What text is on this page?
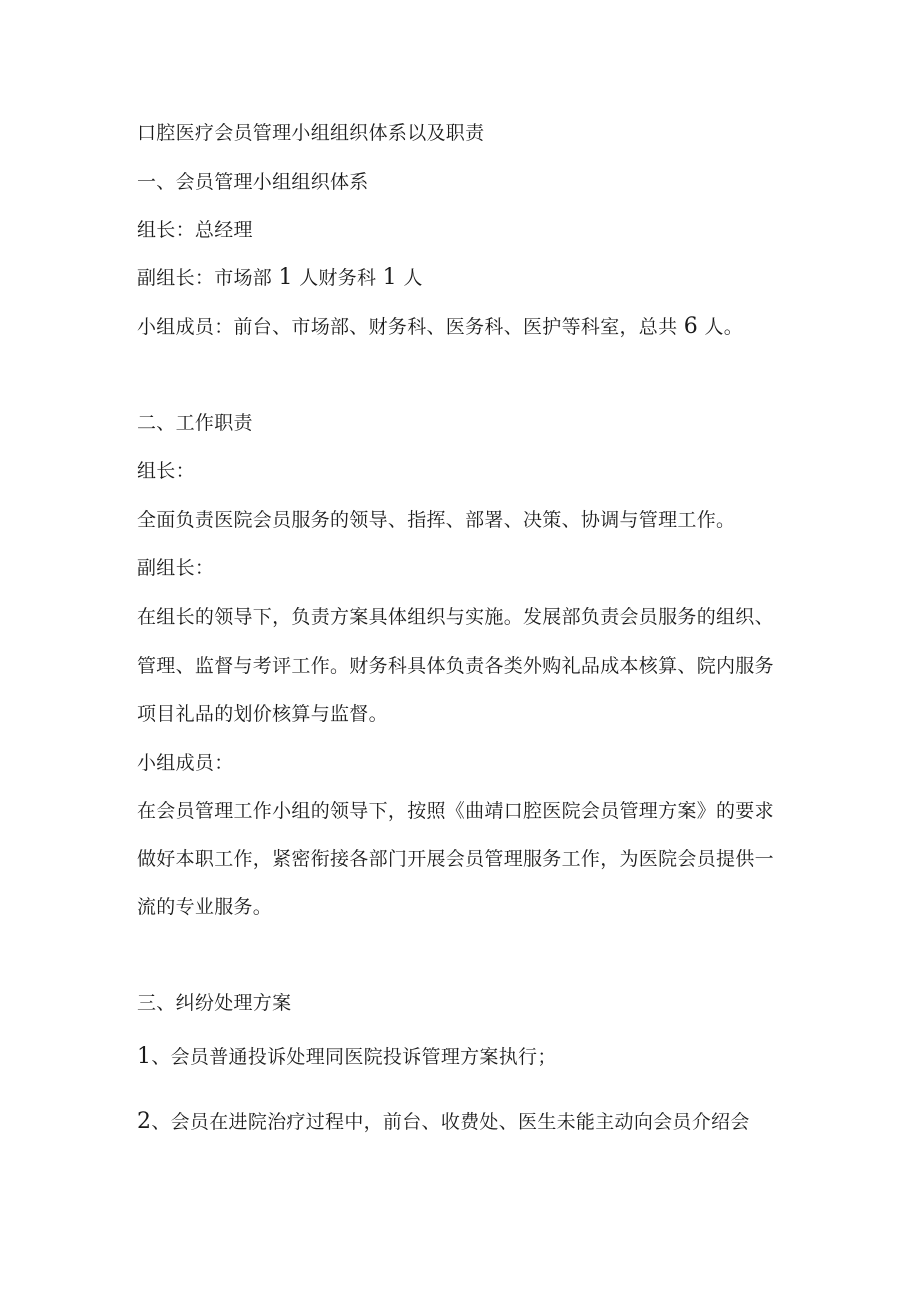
口腔医疗会员管理小组组织体系以及职责
一、会员管理小组组织体系
组长：总经理
副组长：市场部 1 人财务科 1 人
小组成员：前台、市场部、财务科、医务科、医护等科室，总共 6 人。
二、工作职责
组长：
全面负责医院会员服务的领导、指挥、部署、决策、协调与管理工作。
副组长：
在组长的领导下，负责方案具体组织与实施。发展部负责会员服务的组织、
管理、监督与考评工作。财务科具体负责各类外购礼品成本核算、院内服务
项目礼品的划价核算与监督。
小组成员：
在会员管理工作小组的领导下，按照《曲靖口腔医院会员管理方案》的要求
做好本职工作，紧密衔接各部门开展会员管理服务工作，为医院会员提供一
流的专业服务。
三、纠纷处理方案
1、会员普通投诉处理同医院投诉管理方案执行；
2、会员在进院治疗过程中，前台、收费处、医生未能主动向会员介绍会
